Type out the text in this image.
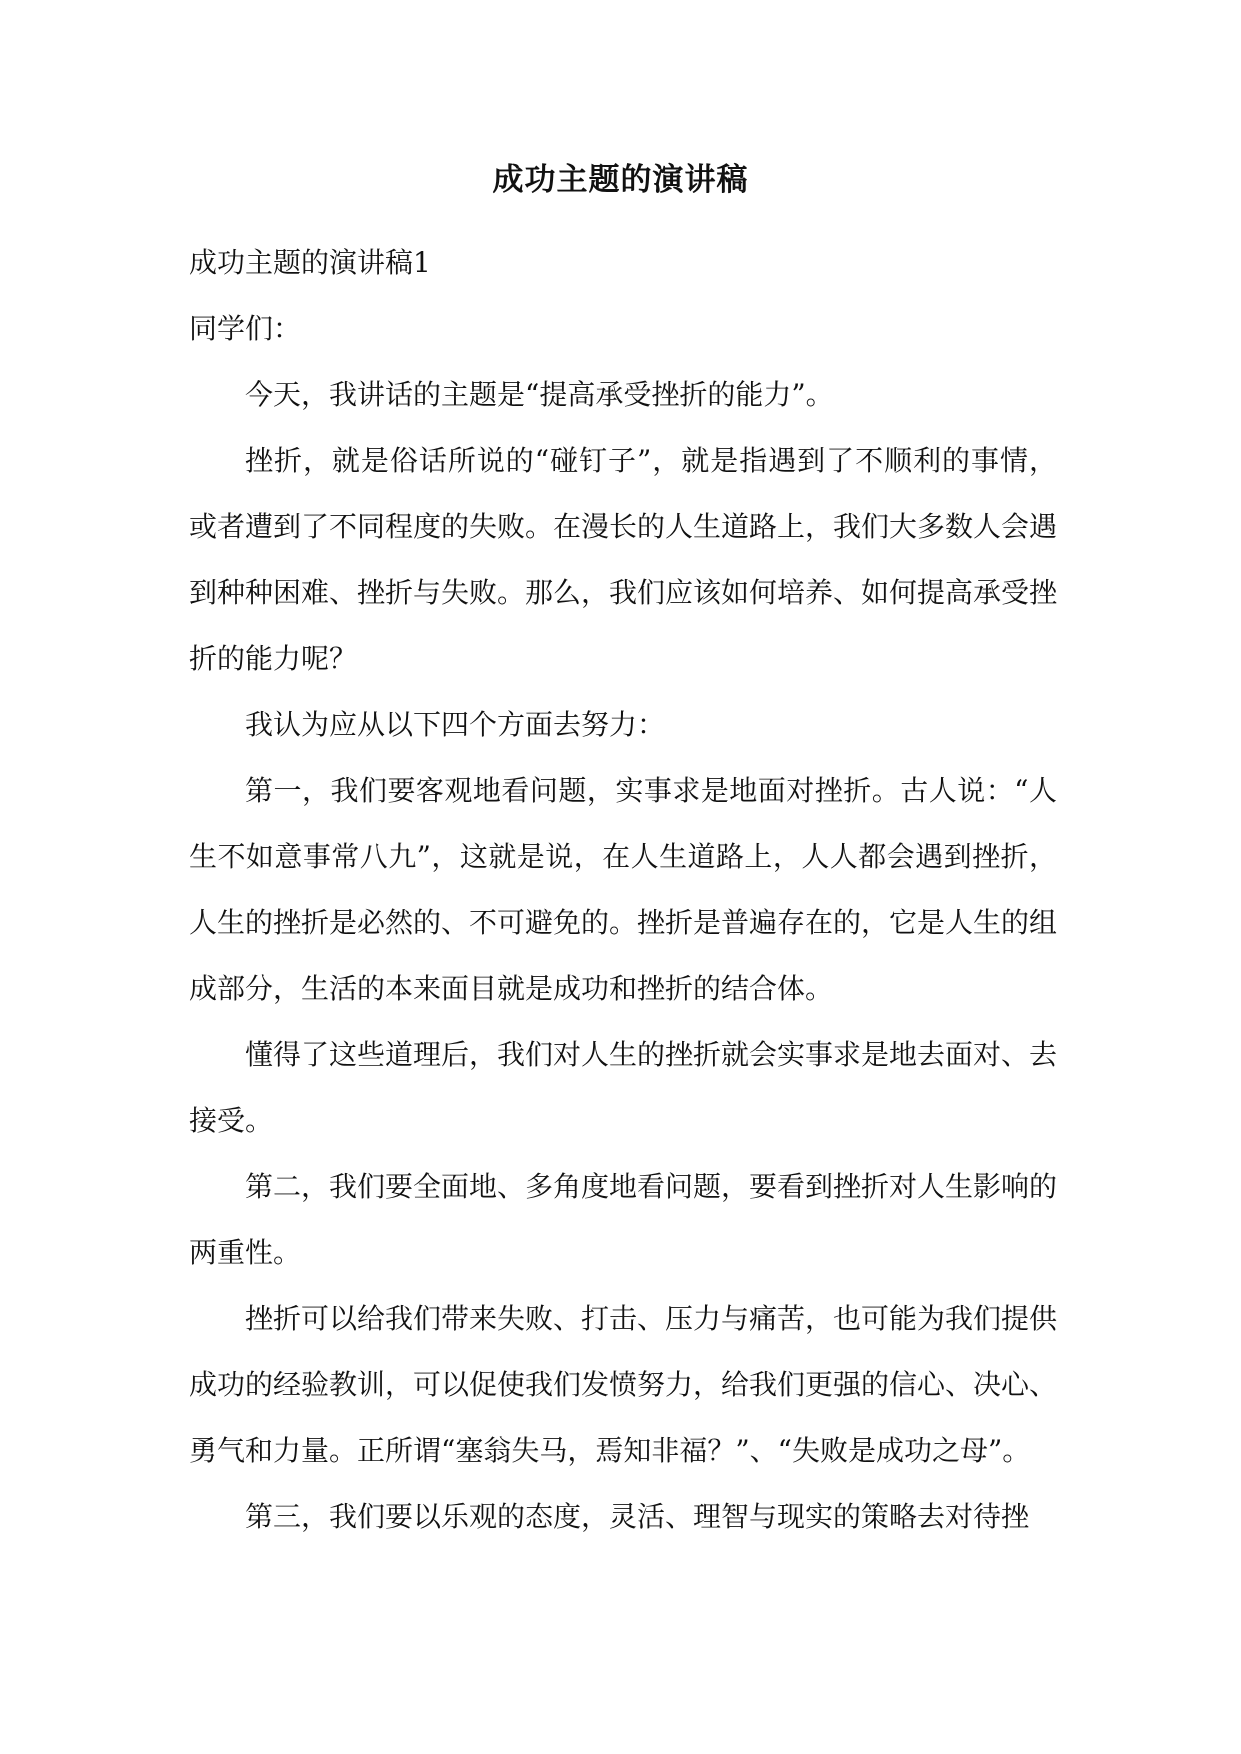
成功主题的演讲稿

成功主题的演讲稿1

同学们：

今天，我讲话的主题是“提高承受挫折的能力”。

挫折，就是俗话所说的“碰钉子”，就是指遇到了不顺利的事情，或者遭到了不同程度的失败。在漫长的人生道路上，我们大多数人会遇到种种困难、挫折与失败。那么，我们应该如何培养、如何提高承受挫折的能力呢？

我认为应从以下四个方面去努力：

第一，我们要客观地看问题，实事求是地面对挫折。古人说：“人生不如意事常八九”，这就是说，在人生道路上，人人都会遇到挫折，人生的挫折是必然的、不可避免的。挫折是普遍存在的，它是人生的组成部分，生活的本来面目就是成功和挫折的结合体。

懂得了这些道理后，我们对人生的挫折就会实事求是地去面对、去接受。

第二，我们要全面地、多角度地看问题，要看到挫折对人生影响的两重性。

挫折可以给我们带来失败、打击、压力与痛苦，也可能为我们提供成功的经验教训，可以促使我们发愤努力，给我们更强的信心、决心、勇气和力量。正所谓“塞翁失马，焉知非福？”、“失败是成功之母”。

第三，我们要以乐观的态度，灵活、理智与现实的策略去对待挫
